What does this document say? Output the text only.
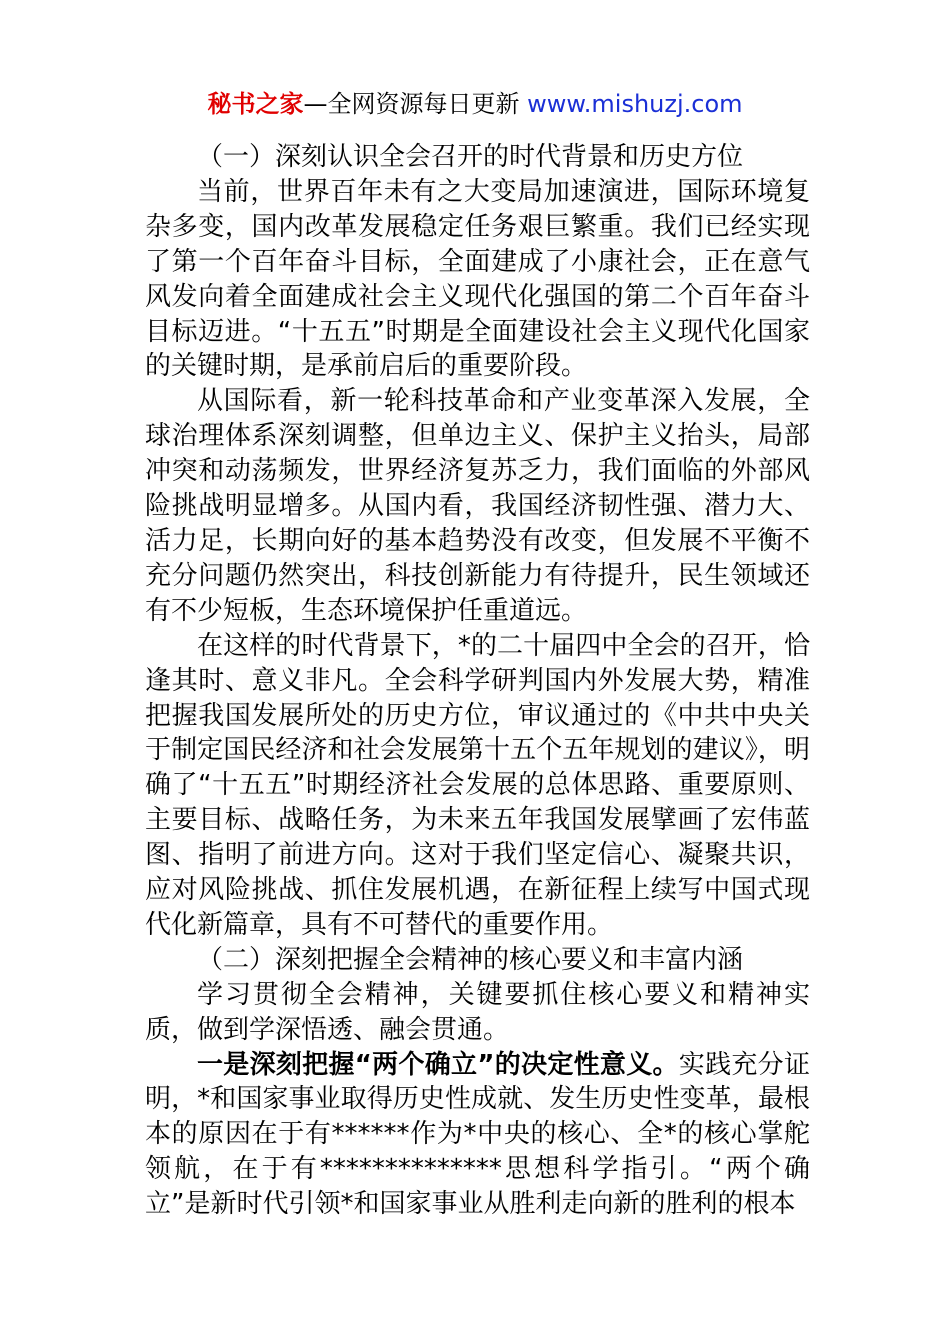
秘书之家—全网资源每日更新 www.mishuzj.com

（一）深刻认识全会召开的时代背景和历史方位

当前，世界百年未有之大变局加速演进，国际环境复杂多变，国内改革发展稳定任务艰巨繁重。我们已经实现了第一个百年奋斗目标，全面建成了小康社会，正在意气风发向着全面建成社会主义现代化强国的第二个百年奋斗目标迈进。“十五五”时期是全面建设社会主义现代化国家的关键时期，是承前启后的重要阶段。

从国际看，新一轮科技革命和产业变革深入发展，全球治理体系深刻调整，但单边主义、保护主义抬头，局部冲突和动荡频发，世界经济复苏乏力，我们面临的外部风险挑战明显增多。从国内看，我国经济韧性强、潜力大、活力足，长期向好的基本趋势没有改变，但发展不平衡不充分问题仍然突出，科技创新能力有待提升，民生领域还有不少短板，生态环境保护任重道远。

在这样的时代背景下，*的二十届四中全会的召开，恰逢其时、意义非凡。全会科学研判国内外发展大势，精准把握我国发展所处的历史方位，审议通过的《中共中央关于制定国民经济和社会发展第十五个五年规划的建议》，明确了“十五五”时期经济社会发展的总体思路、重要原则、主要目标、战略任务，为未来五年我国发展擘画了宏伟蓝图、指明了前进方向。这对于我们坚定信心、凝聚共识，应对风险挑战、抓住发展机遇，在新征程上续写中国式现代化新篇章，具有不可替代的重要作用。

（二）深刻把握全会精神的核心要义和丰富内涵

学习贯彻全会精神，关键要抓住核心要义和精神实质，做到学深悟透、融会贯通。

一是深刻把握“两个确立”的决定性意义。实践充分证明，*和国家事业取得历史性成就、发生历史性变革，最根本的原因在于有******作为*中央的核心、全*的核心掌舵领航，在于有**************思想科学指引。“两个确立”是新时代引领*和国家事业从胜利走向新的胜利的根本
